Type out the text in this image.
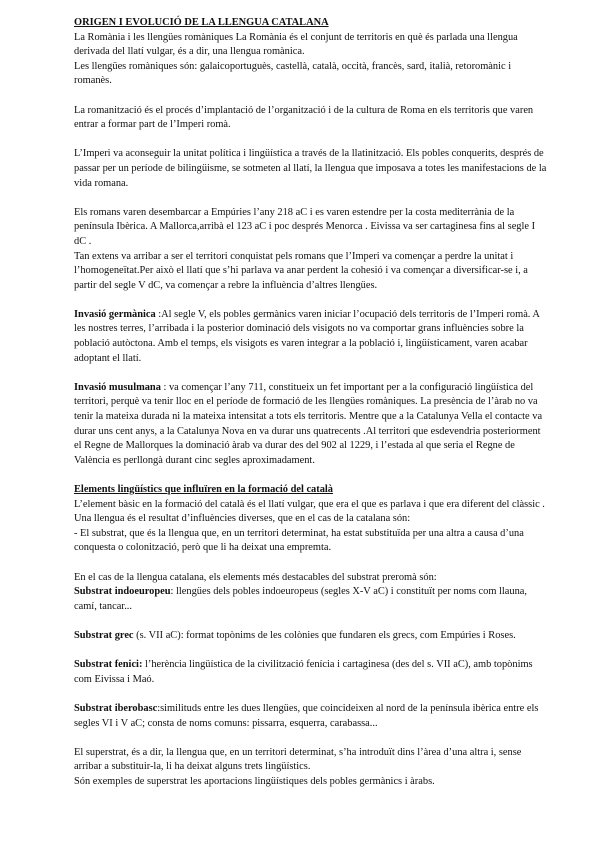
ORIGEN I EVOLUCIÓ DE LA LLENGUA CATALANA

La Romània i les llengües romàniques La Romània és el conjunt de territoris en què és parlada una llengua derivada del llatí vulgar, és a dir, una llengua romànica.

Les llengües romàniques són: galaicoportuguès, castellà, català, occità, francès, sard, italià, retoromànic i romanès.

La romanització és el procés d’implantació de l’organització i de la cultura de Roma en els territoris que varen entrar a formar part de l’Imperi romà.

L’Imperi va aconseguir la unitat política i lingüística a través de la llatinització. Els pobles conquerits, després de passar per un període de bilingüisme, se sotmeten al llatí, la llengua que imposava a totes les manifestacions de la vida romana.

Els romans varen desembarcar a Empúries l’any 218 aC i es varen estendre per la costa mediterrània de la península Ibèrica. A Mallorca,arribà el 123 aC i poc després Menorca . Eivissa va ser cartaginesa fins al segle I dC .

Tan extens va arribar a ser el territori conquistat pels romans que l’Imperi va començar a perdre la unitat i l’homogeneïtat.Per això el llatí que s’hi parlava va anar perdent la cohesió i va començar a diversificar-se i, a partir del segle V dC, va començar a rebre la influència d’altres llengües.

Invasió germànica :Al segle V, els pobles germànics varen iniciar l’ocupació dels territoris de l’Imperi romà. A les nostres terres, l’arribada i la posterior dominació dels visigots no va comportar grans influències sobre la població autòctona. Amb el temps, els visigots es varen integrar a la població i, lingüísticament, varen acabar adoptant el llatí.

Invasió musulmana : va començar l’any 711, constitueix un fet important per a la configuració lingüística del territori, perquè va tenir lloc en el període de formació de les llengües romàniques. La presència de l’àrab no va tenir la mateixa durada ni la mateixa intensitat a tots els territoris. Mentre que a la Catalunya Vella el contacte va durar uns cent anys, a la Catalunya Nova en va durar uns quatrecents .Al territori que esdevendria posteriorment el Regne de Mallorques la dominació àrab va durar des del 902 al 1229, i l’estada al que seria el Regne de València es perllongà durant cinc segles aproximadament.

Elements lingüístics que influïren en la formació del català

L’element bàsic en la formació del català és el llatí vulgar, que era el que es parlava i que era diferent del clàssic .

Una llengua és el resultat d’influències diverses, que en el cas de la catalana són:

- El substrat, que és la llengua que, en un territori determinat, ha estat substituïda per una altra a causa d’una conquesta o colonització, però que li ha deixat una empremta.

En el cas de la llengua catalana, els elements més destacables del substrat preromà són:

Substrat indoeuropeu: llengües dels pobles indoeuropeus (segles X-V aC) i constituït per noms com llauna, camí, tancar...

Substrat grec (s. VII aC): format topònims de les colònies que fundaren els grecs, com Empúries i Roses.

Substrat fenici: l’herència lingüística de la civilització fenícia i cartaginesa (des del s. VII aC), amb topònims com Eivissa i Maó.

Substrat iberobasc:similituds entre les dues llengües, que coincideixen al nord de la península ibèrica entre els segles VI i V aC; consta de noms comuns: pissarra, esquerra, carabassa...

El superstrat, és a dir, la llengua que, en un territori determinat, s’ha introduït dins l’àrea d’una altra i, sense arribar a substituir-la, li ha deixat alguns trets lingüístics.

Són exemples de superstrat les aportacions lingüístiques dels pobles germànics i àrabs.
